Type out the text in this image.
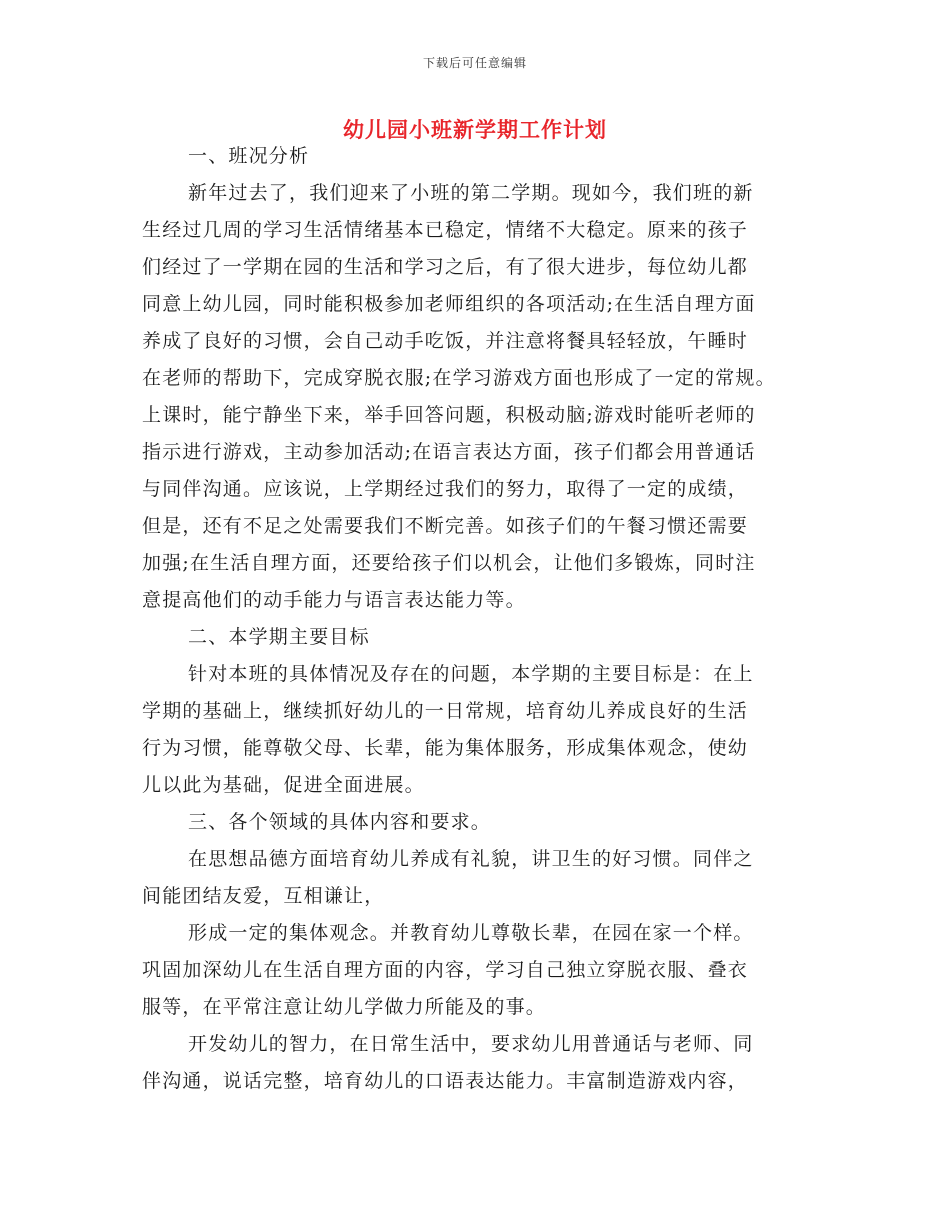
下载后可任意编辑
幼儿园小班新学期工作计划
一、班况分析
新年过去了，我们迎来了小班的第二学期。现如今，我们班的新
生经过几周的学习生活情绪基本已稳定，情绪不大稳定。原来的孩子
们经过了一学期在园的生活和学习之后，有了很大进步，每位幼儿都
同意上幼儿园，同时能积极参加老师组织的各项活动;在生活自理方面
养成了良好的习惯，会自己动手吃饭，并注意将餐具轻轻放，午睡时
在老师的帮助下，完成穿脱衣服;在学习游戏方面也形成了一定的常规。
上课时，能宁静坐下来，举手回答问题，积极动脑;游戏时能听老师的
指示进行游戏，主动参加活动;在语言表达方面，孩子们都会用普通话
与同伴沟通。应该说，上学期经过我们的努力，取得了一定的成绩，
但是，还有不足之处需要我们不断完善。如孩子们的午餐习惯还需要
加强;在生活自理方面，还要给孩子们以机会，让他们多锻炼，同时注
意提高他们的动手能力与语言表达能力等。
二、本学期主要目标
针对本班的具体情况及存在的问题，本学期的主要目标是：在上
学期的基础上，继续抓好幼儿的一日常规，培育幼儿养成良好的生活
行为习惯，能尊敬父母、长辈，能为集体服务，形成集体观念，使幼
儿以此为基础，促进全面进展。
三、各个领域的具体内容和要求。
在思想品德方面培育幼儿养成有礼貌，讲卫生的好习惯。同伴之
间能团结友爱，互相谦让，
形成一定的集体观念。并教育幼儿尊敬长辈，在园在家一个样。
巩固加深幼儿在生活自理方面的内容，学习自己独立穿脱衣服、叠衣
服等，在平常注意让幼儿学做力所能及的事。
开发幼儿的智力，在日常生活中，要求幼儿用普通话与老师、同
伴沟通，说话完整，培育幼儿的口语表达能力。丰富制造游戏内容，
